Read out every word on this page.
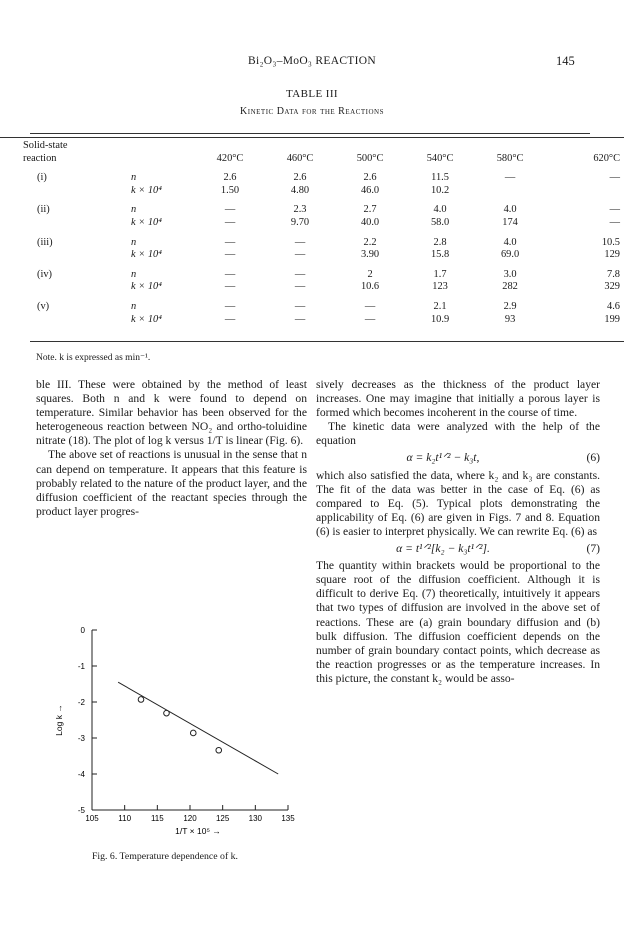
Bi₂O₃–MoO₃ REACTION	145
TABLE III
Kinetic Data for the Reactions
Solid-state
reaction		420°C	460°C	500°C	540°C	580°C	620°C
(i)	n	2.6	2.6	2.6	11.5	—	—
	k × 10⁴	1.50	4.80	46.0	10.2		
(ii)	n	—	2.3	2.7	4.0	4.0	—
	k × 10⁴	—	9.70	40.0	58.0	174	—
(iii)	n	—	—	2.2	2.8	4.0	10.5
	k × 10⁴	—	—	3.90	15.8	69.0	129
(iv)	n	—	—	2	1.7	3.0	7.8
	k × 10⁴	—	—	10.6	123	282	329
(v)	n	—	—	—	2.1	2.9	4.6
	k × 10⁴	—	—	—	10.9	93	199
Note. k is expressed as min⁻¹.

ble III. These were obtained by the method of least squares. Both n and k were found to depend on temperature. Similar behavior has been observed for the heterogeneous reaction between NO₂ and ortho-toluidine nitrate (18). The plot of log k versus 1/T is linear (Fig. 6).

The above set of reactions is unusual in the sense that n can depend on temperature. It appears that this feature is probably related to the nature of the product layer, and the diffusion coefficient of the reactant species through the product layer progres-

sively decreases as the thickness of the product layer increases. One may imagine that initially a porous layer is formed which becomes incoherent in the course of time.

The kinetic data were analyzed with the help of the equation

α = k₂t¹ᐟ² − k₃t,	(6)

which also satisfied the data, where k₂ and k₃ are constants. The fit of the data was better in the case of Eq. (6) as compared to Eq. (5). Typical plots demonstrating the applicability of Eq. (6) are given in Figs. 7 and 8. Equation (6) is easier to interpret physically. We can rewrite Eq. (6) as

α = t¹ᐟ²[k₂ − k₃t¹ᐟ²].	(7)

The quantity within brackets would be proportional to the square root of the diffusion coefficient. Although it is difficult to derive Eq. (7) theoretically, intuitively it appears that two types of diffusion are involved in the above set of reactions. These are (a) grain boundary diffusion and (b) bulk diffusion. The diffusion coefficient depends on the number of grain boundary contact points, which decrease as the reaction progresses or as the temperature increases. In this picture, the constant k₂ would be asso-

0
-1
-2
-3
-4
-5
105 110 115 120 125 130 135
Log k →
1/T × 10⁵ →
Fig. 6. Temperature dependence of k.
